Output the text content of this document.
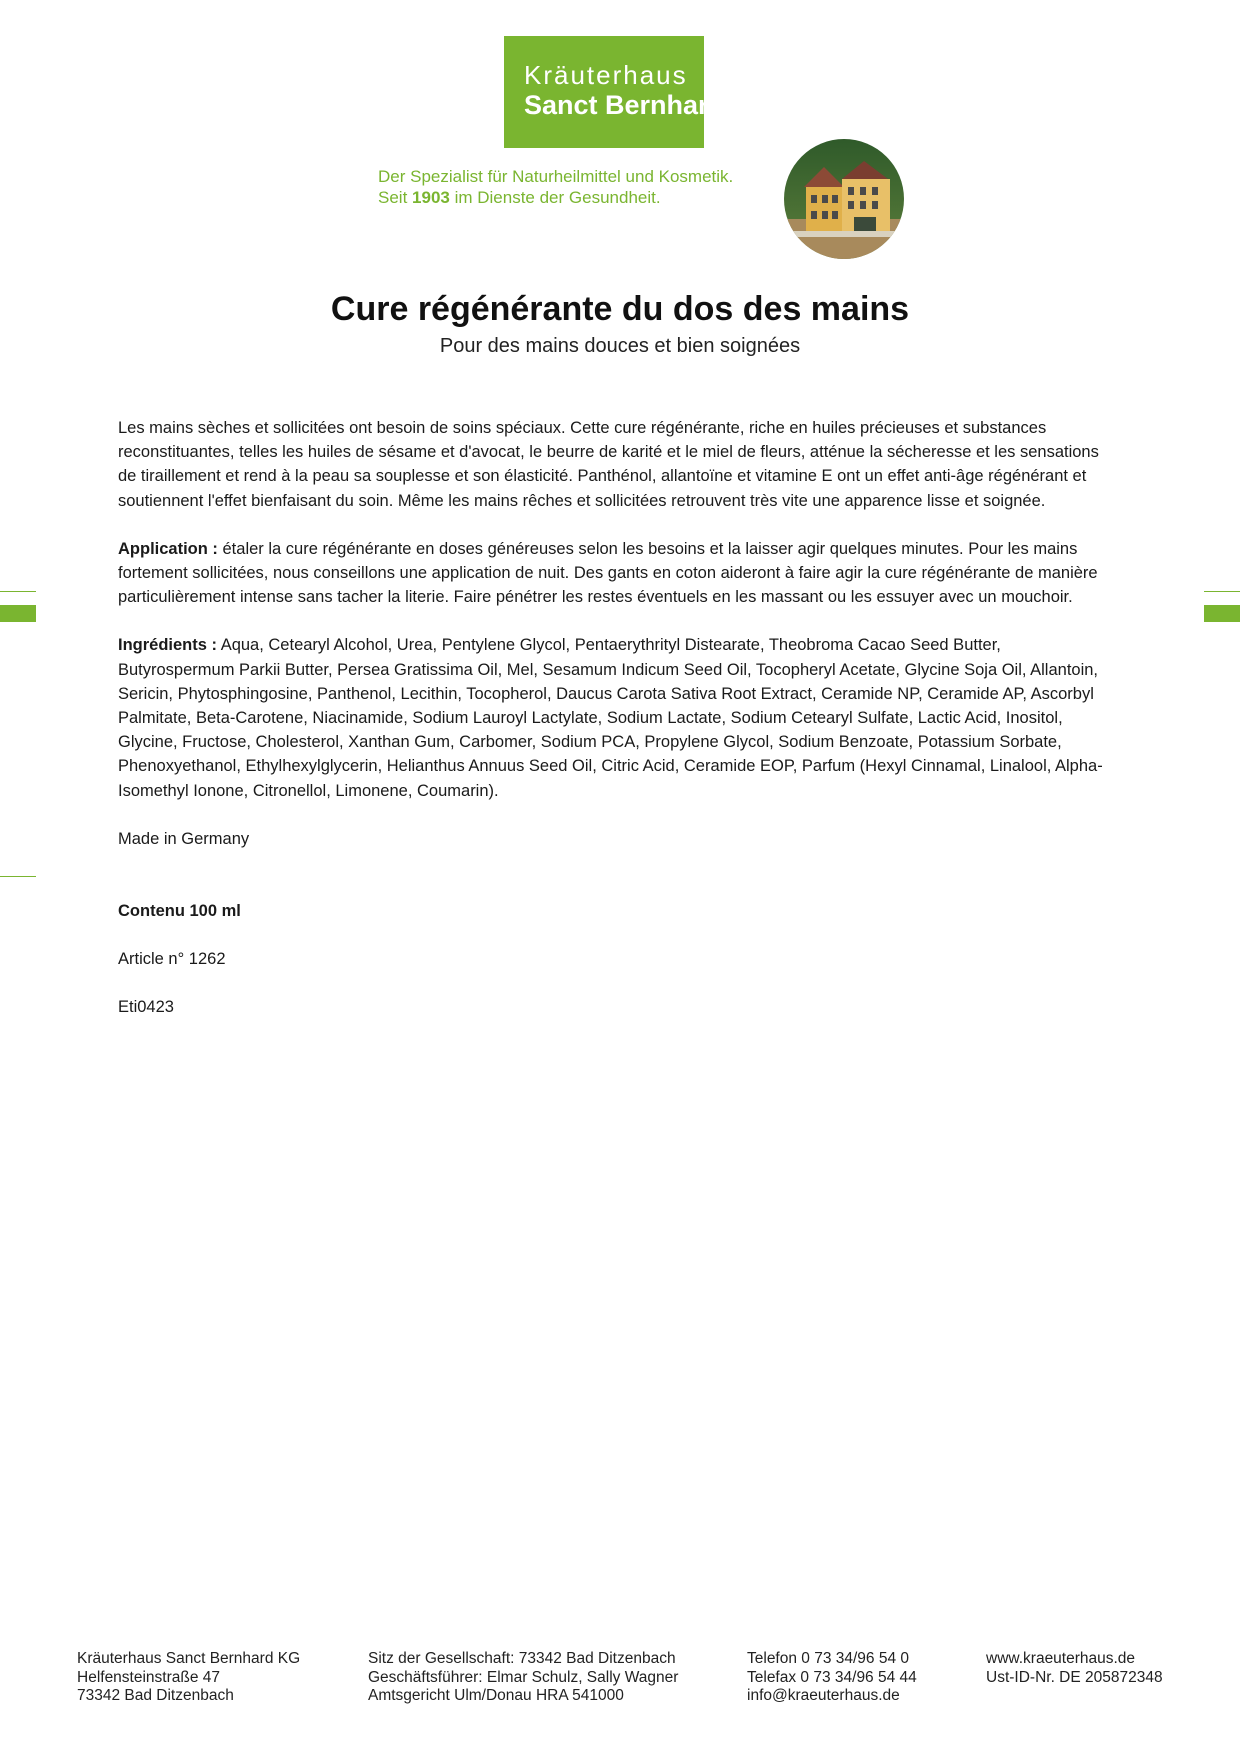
Kräuterhaus
Sanct Bernhard
Der Spezialist für Naturheilmittel und Kosmetik.
Seit 1903 im Dienste der Gesundheit.
Cure régénérante du dos des mains
Pour des mains douces et bien soignées

Les mains sèches et sollicitées ont besoin de soins spéciaux. Cette cure régénérante, riche en huiles précieuses et substances reconstituantes, telles les huiles de sésame et d'avocat, le beurre de karité et le miel de fleurs, atténue la sécheresse et les sensations de tiraillement et rend à la peau sa souplesse et son élasticité. Panthénol, allantoïne et vitamine E ont un effet anti-âge régénérant et soutiennent l'effet bienfaisant du soin. Même les mains rêches et sollicitées retrouvent très vite une apparence lisse et soignée.

Application : étaler la cure régénérante en doses généreuses selon les besoins et la laisser agir quelques minutes. Pour les mains fortement sollicitées, nous conseillons une application de nuit. Des gants en coton aideront à faire agir la cure régénérante de manière particulièrement intense sans tacher la literie. Faire pénétrer les restes éventuels en les massant ou les essuyer avec un mouchoir.

Ingrédients : Aqua, Cetearyl Alcohol, Urea, Pentylene Glycol, Pentaerythrityl Distearate, Theobroma Cacao Seed Butter, Butyrospermum Parkii Butter, Persea Gratissima Oil, Mel, Sesamum Indicum Seed Oil, Tocopheryl Acetate, Glycine Soja Oil, Allantoin, Sericin, Phytosphingosine, Panthenol, Lecithin, Tocopherol, Daucus Carota Sativa Root Extract, Ceramide NP, Ceramide AP, Ascorbyl Palmitate, Beta-Carotene, Niacinamide, Sodium Lauroyl Lactylate, Sodium Lactate, Sodium Cetearyl Sulfate, Lactic Acid, Inositol, Glycine, Fructose, Cholesterol, Xanthan Gum, Carbomer, Sodium PCA, Propylene Glycol, Sodium Benzoate, Potassium Sorbate, Phenoxyethanol, Ethylhexylglycerin, Helianthus Annuus Seed Oil, Citric Acid, Ceramide EOP, Parfum (Hexyl Cinnamal, Linalool, Alpha-Isomethyl Ionone, Citronellol, Limonene, Coumarin).

Made in Germany

Contenu 100 ml

Article n° 1262

Eti0423

Kräuterhaus Sanct Bernhard KG
Helfensteinstraße 47
73342 Bad Ditzenbach
Sitz der Gesellschaft: 73342 Bad Ditzenbach
Geschäftsführer: Elmar Schulz, Sally Wagner
Amtsgericht Ulm/Donau HRA 541000
Telefon 0 73 34/96 54 0
Telefax 0 73 34/96 54 44
info@kraeuterhaus.de
www.kraeuterhaus.de
Ust-ID-Nr. DE 205872348
